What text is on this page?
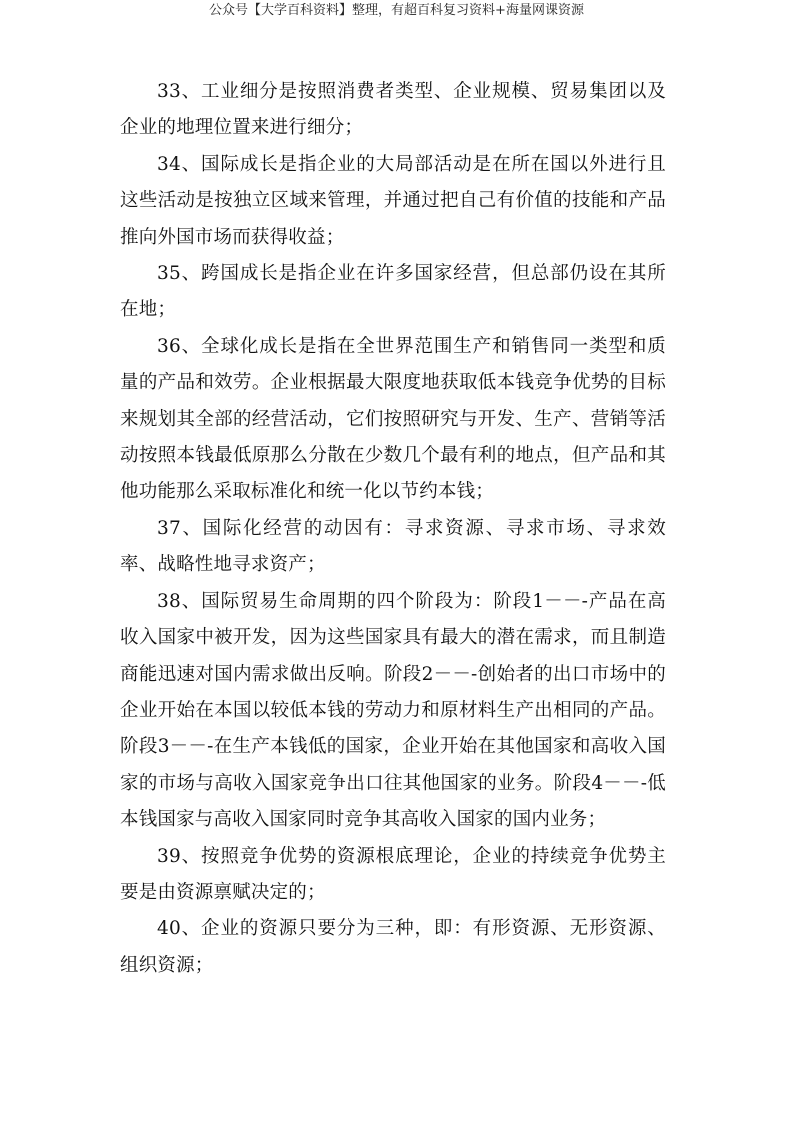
公众号【大学百科资料】整理，有超百科复习资料+海量网课资源

33、工业细分是按照消费者类型、企业规模、贸易集团以及企业的地理位置来进行细分；

34、国际成长是指企业的大局部活动是在所在国以外进行且这些活动是按独立区域来管理，并通过把自己有价值的技能和产品推向外国市场而获得收益；

35、跨国成长是指企业在许多国家经营，但总部仍设在其所在地；

36、全球化成长是指在全世界范围生产和销售同一类型和质量的产品和效劳。企业根据最大限度地获取低本钱竞争优势的目标来规划其全部的经营活动，它们按照研究与开发、生产、营销等活动按照本钱最低原那么分散在少数几个最有利的地点，但产品和其他功能那么采取标准化和统一化以节约本钱；

37、国际化经营的动因有：寻求资源、寻求市场、寻求效率、战略性地寻求资产；

38、国际贸易生命周期的四个阶段为：阶段1－－-产品在高收入国家中被开发，因为这些国家具有最大的潜在需求，而且制造商能迅速对国内需求做出反响。阶段2－－-创始者的出口市场中的企业开始在本国以较低本钱的劳动力和原材料生产出相同的产品。阶段3－－-在生产本钱低的国家，企业开始在其他国家和高收入国家的市场与高收入国家竞争出口往其他国家的业务。阶段4－－-低本钱国家与高收入国家同时竞争其高收入国家的国内业务；

39、按照竞争优势的资源根底理论，企业的持续竞争优势主要是由资源禀赋决定的；

40、企业的资源只要分为三种，即：有形资源、无形资源、组织资源；
